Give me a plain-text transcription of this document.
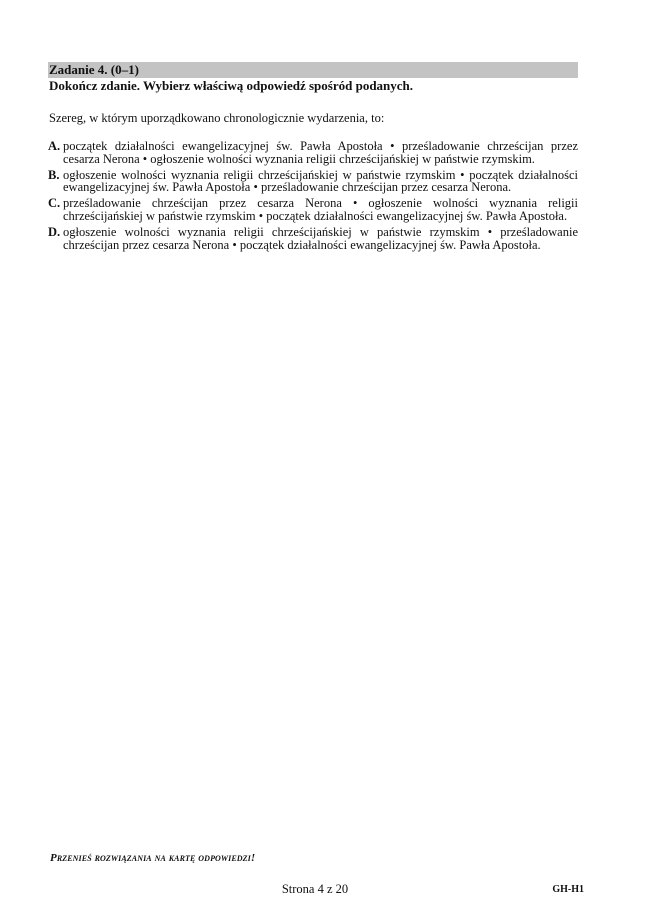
Zadanie 4. (0–1)
Dokończ zdanie. Wybierz właściwą odpowiedź spośród podanych.
Szereg, w którym uporządkowano chronologicznie wydarzenia, to:
A. początek działalności ewangelizacyjnej św. Pawła Apostoła • prześladowanie chrześcijan przez cesarza Nerona • ogłoszenie wolności wyznania religii chrześcijańskiej w państwie rzymskim.
B. ogłoszenie wolności wyznania religii chrześcijańskiej w państwie rzymskim • początek działalności ewangelizacyjnej św. Pawła Apostoła • prześladowanie chrześcijan przez cesarza Nerona.
C. prześladowanie chrześcijan przez cesarza Nerona • ogłoszenie wolności wyznania religii chrześcijańskiej w państwie rzymskim • początek działalności ewangelizacyjnej św. Pawła Apostoła.
D. ogłoszenie wolności wyznania religii chrześcijańskiej w państwie rzymskim • prześladowanie chrześcijan przez cesarza Nerona • początek działalności ewangelizacyjnej św. Pawła Apostoła.
Przenieś rozwiązania na kartę odpowiedzi!
Strona 4 z 20	GH-H1
